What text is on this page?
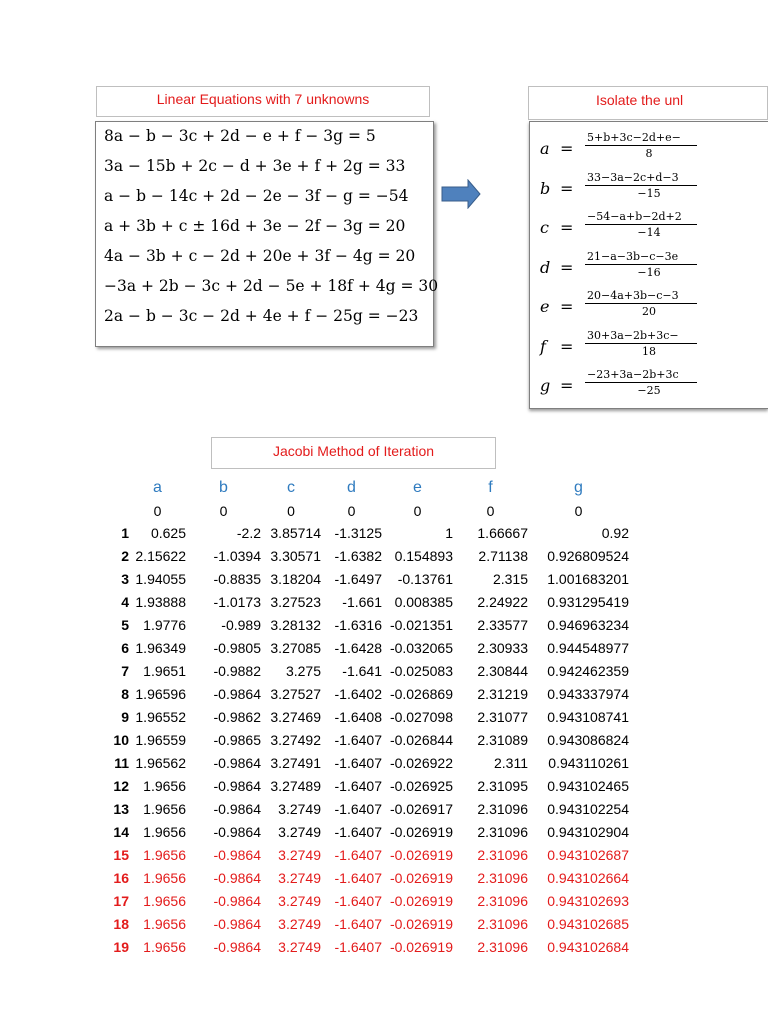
Linear Equations with 7 unknowns
8a − b − 3c + 2d − e + f − 3g = 5
3a − 15b + 2c − d + 3e + f + 2g = 33
a − b − 14c + 2d − 2e − 3f − g = −54
a + 3b + c ± 16d + 3e − 2f − 3g = 20
4a − 3b + c − 2d + 20e + 3f − 4g = 20
−3a + 2b − 3c + 2d − 5e + 18f + 4g = 30
2a − b − 3c − 2d + 4e + f − 25g = −23
Isolate the unl
$a = \frac{5+b+3c-2d+e-}{8}$
$b = \frac{33-3a-2c+d-3}{-15}$
$c = \frac{-54-a+b-2d+2}{-14}$
$d = \frac{21-a-3b-c-3e}{-16}$
$e = \frac{20-4a+3b-c-3}{20}$
$f = \frac{30+3a-2b+3c-}{18}$
$g = \frac{-23+3a-2b+3c}{-25}$
Jacobi Method of Iteration
	a	b	c	d	e	f	g
	0	0	0	0	0	0	0
1	0.625	-2.2	3.85714	-1.3125	1	1.66667	0.92
2	2.15622	-1.0394	3.30571	-1.6382	0.154893	2.71138	0.926809524
3	1.94055	-0.8835	3.18204	-1.6497	-0.13761	2.315	1.001683201
4	1.93888	-1.0173	3.27523	-1.661	0.008385	2.24922	0.931295419
5	1.9776	-0.989	3.28132	-1.6316	-0.021351	2.33577	0.946963234
6	1.96349	-0.9805	3.27085	-1.6428	-0.032065	2.30933	0.944548977
7	1.9651	-0.9882	3.275	-1.641	-0.025083	2.30844	0.942462359
8	1.96596	-0.9864	3.27527	-1.6402	-0.026869	2.31219	0.943337974
9	1.96552	-0.9862	3.27469	-1.6408	-0.027098	2.31077	0.943108741
10	1.96559	-0.9865	3.27492	-1.6407	-0.026844	2.31089	0.943086824
11	1.96562	-0.9864	3.27491	-1.6407	-0.026922	2.311	0.943110261
12	1.9656	-0.9864	3.27489	-1.6407	-0.026925	2.31095	0.943102465
13	1.9656	-0.9864	3.2749	-1.6407	-0.026917	2.31096	0.943102254
14	1.9656	-0.9864	3.2749	-1.6407	-0.026919	2.31096	0.943102904
15	1.9656	-0.9864	3.2749	-1.6407	-0.026919	2.31096	0.943102687
16	1.9656	-0.9864	3.2749	-1.6407	-0.026919	2.31096	0.943102664
17	1.9656	-0.9864	3.2749	-1.6407	-0.026919	2.31096	0.943102693
18	1.9656	-0.9864	3.2749	-1.6407	-0.026919	2.31096	0.943102685
19	1.9656	-0.9864	3.2749	-1.6407	-0.026919	2.31096	0.943102684
